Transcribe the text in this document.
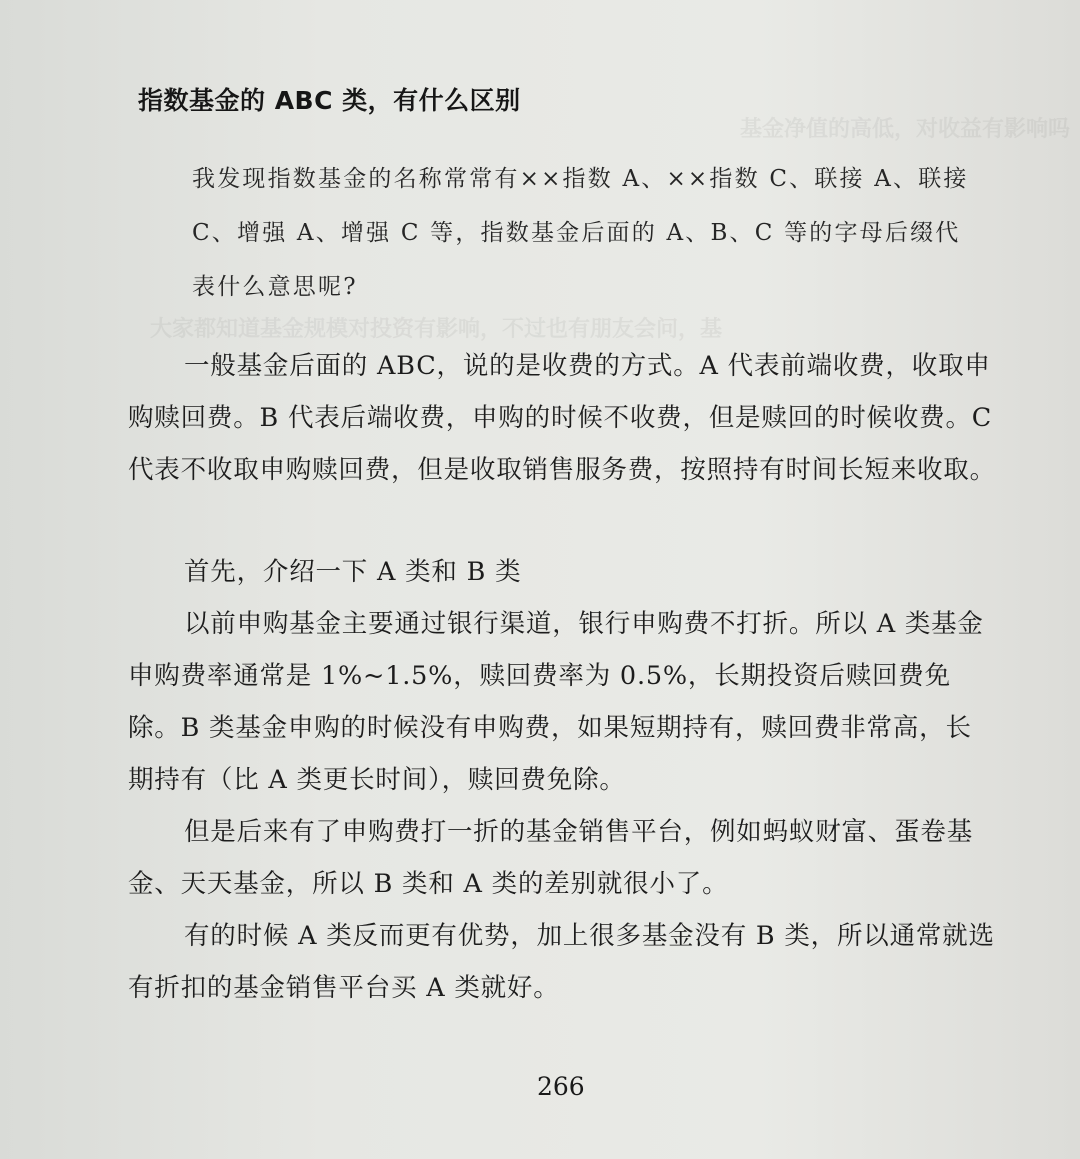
基金净值的高低，对收益有影响吗
大家都知道基金规模对投资有影响，不过也有朋友会问，基
指数基金的 ABC 类，有什么区别

我发现指数基金的名称常常有××指数 A、××指数 C、联接 A、联接 C、增强 A、增强 C 等，指数基金后面的 A、B、C 等的字母后缀代表什么意思呢?

一般基金后面的 ABC，说的是收费的方式。A 代表前端收费，收取申购赎回费。B 代表后端收费，申购的时候不收费，但是赎回的时候收费。C 代表不收取申购赎回费，但是收取销售服务费，按照持有时间长短来收取。

首先，介绍一下 A 类和 B 类

以前申购基金主要通过银行渠道，银行申购费不打折。所以 A 类基金申购费率通常是 1%~1.5%，赎回费率为 0.5%，长期投资后赎回费免除。B 类基金申购的时候没有申购费，如果短期持有，赎回费非常高，长期持有（比 A 类更长时间），赎回费免除。

但是后来有了申购费打一折的基金销售平台，例如蚂蚁财富、蛋卷基金、天天基金，所以 B 类和 A 类的差别就很小了。

有的时候 A 类反而更有优势，加上很多基金没有 B 类，所以通常就选有折扣的基金销售平台买 A 类就好。

266
